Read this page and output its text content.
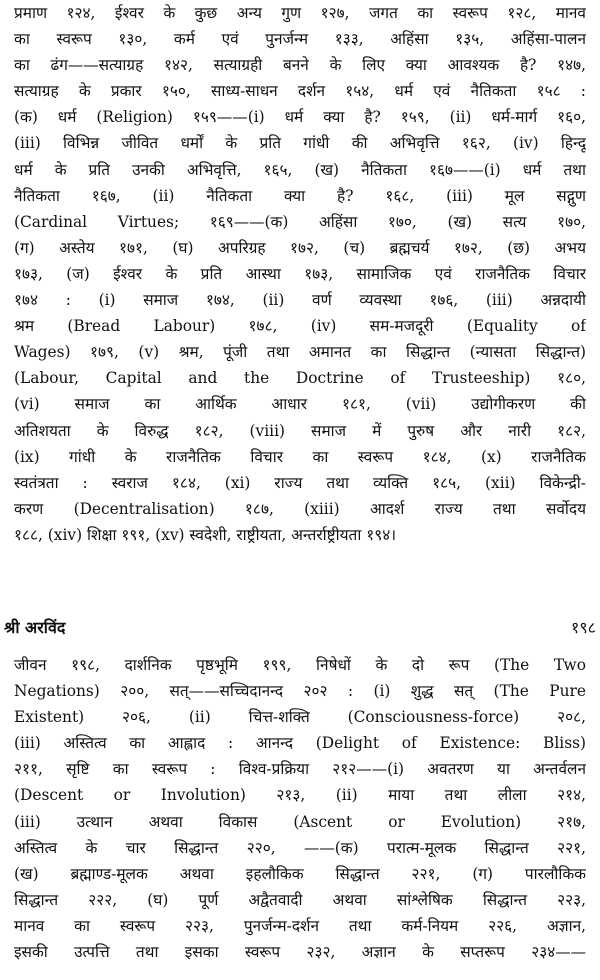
प्रमाण १२४, ईश्वर के कुछ अन्य गुण १२७, जगत का स्वरूप १२८, मानव
का स्वरूप १३०, कर्म एवं पुनर्जन्म १३३, अहिंसा १३५, अहिंसा-पालन
का ढंग——सत्याग्रह १४२, सत्याग्रही बनने के लिए क्या आवश्यक है? १४७,
सत्याग्रह के प्रकार १५०, साध्य-साधन दर्शन १५४, धर्म एवं नैतिकता १५८ :
(क) धर्म (Religion) १५९——(i) धर्म क्या है? १५९, (ii) धर्म-मार्ग १६०,
(iii) विभिन्न जीवित धर्मों के प्रति गांधी की अभिवृत्ति १६२, (iv) हिन्दू
धर्म के प्रति उनकी अभिवृत्ति, १६५, (ख) नैतिकता १६७——(i) धर्म तथा
नैतिकता १६७, (ii) नैतिकता क्या है? १६८, (iii) मूल सद्गुण
(Cardinal Virtues; १६९——(क) अहिंसा १७०, (ख) सत्य १७०,
(ग) अस्तेय १७१, (घ) अपरिग्रह १७२, (च) ब्रह्मचर्य १७२, (छ) अभय
१७३, (ज) ईश्वर के प्रति आस्था १७३, सामाजिक एवं राजनैतिक विचार
१७४ : (i) समाज १७४, (ii) वर्ण व्यवस्था १७६, (iii) अन्नदायी
श्रम (Bread Labour) १७८, (iv) सम-मजदूरी (Equality of
Wages) १७९, (v) श्रम, पूंजी तथा अमानत का सिद्धान्त (न्यासता सिद्धान्त)
(Labour, Capital and the Doctrine of Trusteeship) १८०,
(vi) समाज का आर्थिक आधार १८१, (vii) उद्योगीकरण की
अतिशयता के विरुद्ध १८२, (viii) समाज में पुरुष और नारी १८२,
(ix) गांधी के राजनैतिक विचार का स्वरूप १८४, (x) राजनैतिक
स्वतंत्रता : स्वराज १८४, (xi) राज्य तथा व्यक्ति १८५, (xii) विकेन्द्री-
करण (Decentralisation) १८७, (xiii) आदर्श राज्य तथा सर्वोदय
१८८, (xiv) शिक्षा १९१, (xv) स्वदेशी, राष्ट्रीयता, अन्तर्राष्ट्रीयता १९४।
श्री अरविंद	१९८
जीवन १९८, दार्शनिक पृष्ठभूमि १९९, निषेधों के दो रूप (The Two
Negations) २००, सत्——सच्चिदानन्द २०२ : (i) शुद्ध सत् (The Pure
Existent) २०६, (ii) चित्त-शक्ति (Consciousness-force) २०८,
(iii) अस्तित्व का आह्लाद : आनन्द (Delight of Existence: Bliss)
२११, सृष्टि का स्वरूप : विश्व-प्रक्रिया २१२——(i) अवतरण या अन्तर्वलन
(Descent or Involution) २१३, (ii) माया तथा लीला २१४,
(iii) उत्थान अथवा विकास (Ascent or Evolution) २१७,
अस्तित्व के चार सिद्धान्त २२०, ——(क) परात्म-मूलक सिद्धान्त २२१,
(ख) ब्रह्माण्ड-मूलक अथवा इहलौकिक सिद्धान्त २२१, (ग) पारलौकिक
सिद्धान्त २२२, (घ) पूर्ण अद्वैतवादी अथवा सांश्लेषिक सिद्धान्त २२३,
मानव का स्वरूप २२३, पुनर्जन्म-दर्शन तथा कर्म-नियम २२६, अज्ञान,
इसकी उत्पत्ति तथा इसका स्वरूप २३२, अज्ञान के सप्तरूप २३४——
